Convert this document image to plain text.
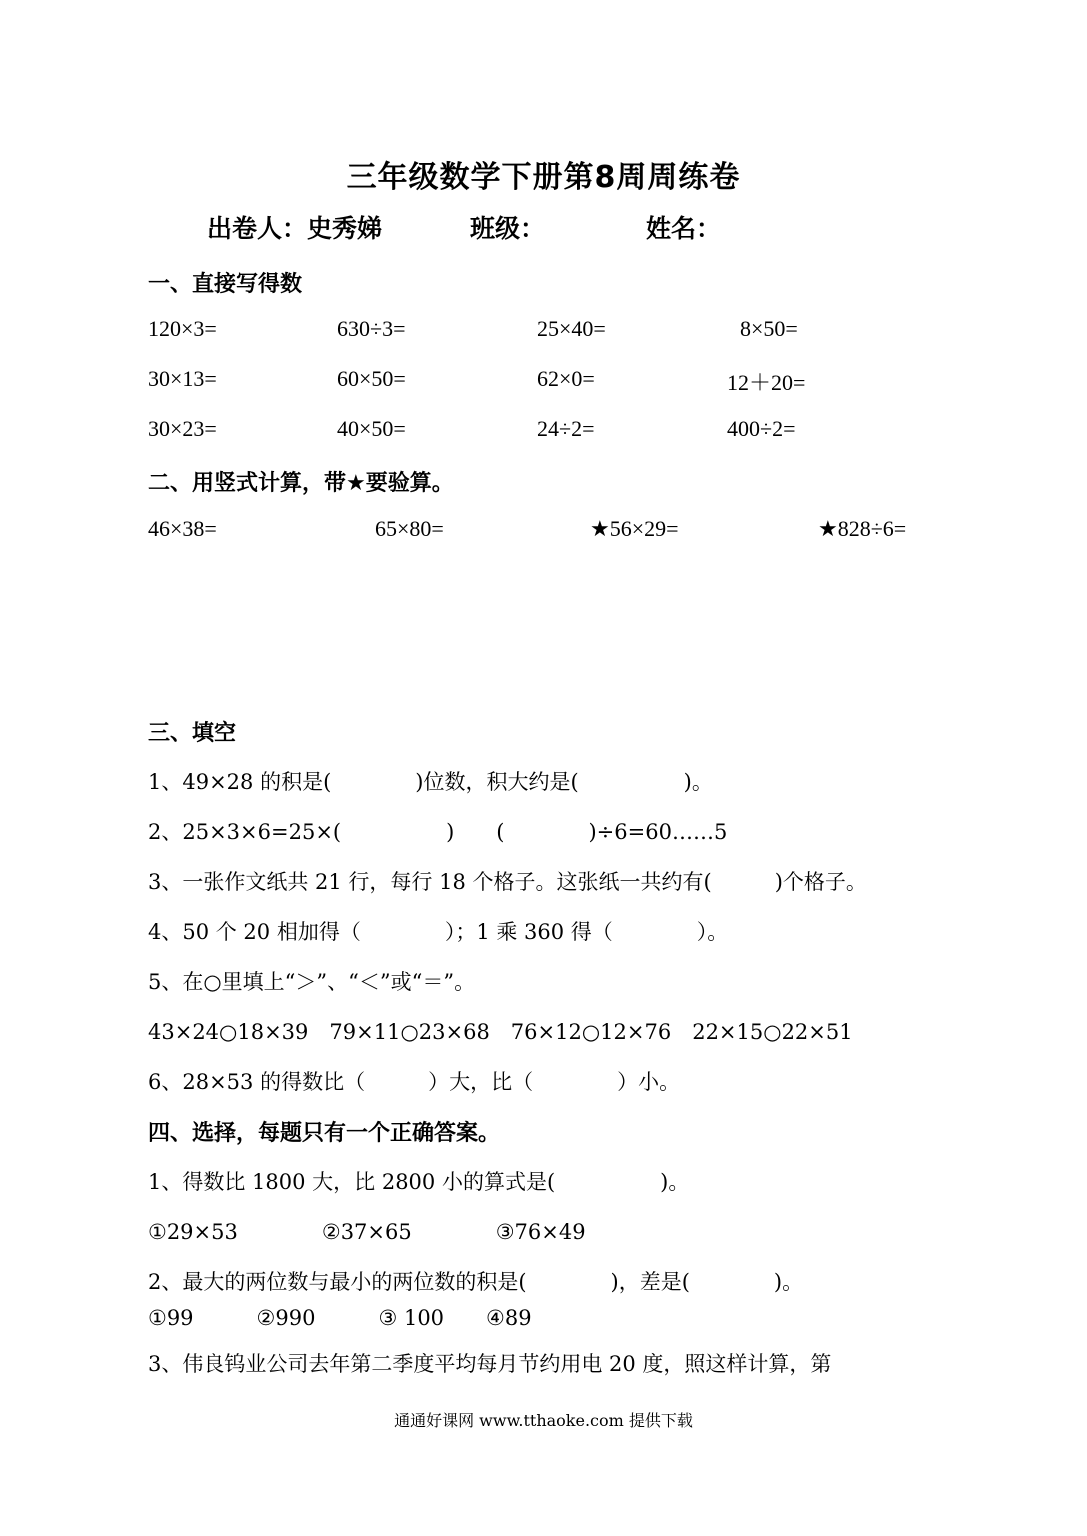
三年级数学下册第8周周练卷
出卷人：史秀娣	班级：	姓名：
一、直接写得数
120×3=	630÷3=	25×40=	8×50=
30×13=	60×50=	62×0=	12＋20=
30×23=	40×50=	24÷2=	400÷2=
二、用竖式计算，带★要验算。
46×38=	65×80=	★56×29=	★828÷6=
三、填空
1、49×28 的积是(　　　　)位数，积大约是(　　　　　)。
2、25×3×6=25×(　　　　　)　　(　　　　)÷6=60……5
3、一张作文纸共 21 行，每行 18 个格子。这张纸一共约有(　　　)个格子。
4、50 个 20 相加得（　　　　）；1 乘 360 得（　　　　）。
5、在○里填上“＞”、“＜”或“＝”。
43×24○18×39　79×11○23×68　76×12○12×76　22×15○22×51
6、28×53 的得数比（　　　）大，比（　　　　）小。
四、选择，每题只有一个正确答案。
1、得数比 1800 大，比 2800 小的算式是(　　　　　)。
①29×53　　　　②37×65　　　　③76×49
2、最大的两位数与最小的两位数的积是(　　　　)，差是(　　　　)。
①99　　　②990　　　③ 100　　④89
3、伟良钨业公司去年第二季度平均每月节约用电 20 度，照这样计算，第
通通好课网 www.tthaoke.com 提供下载
